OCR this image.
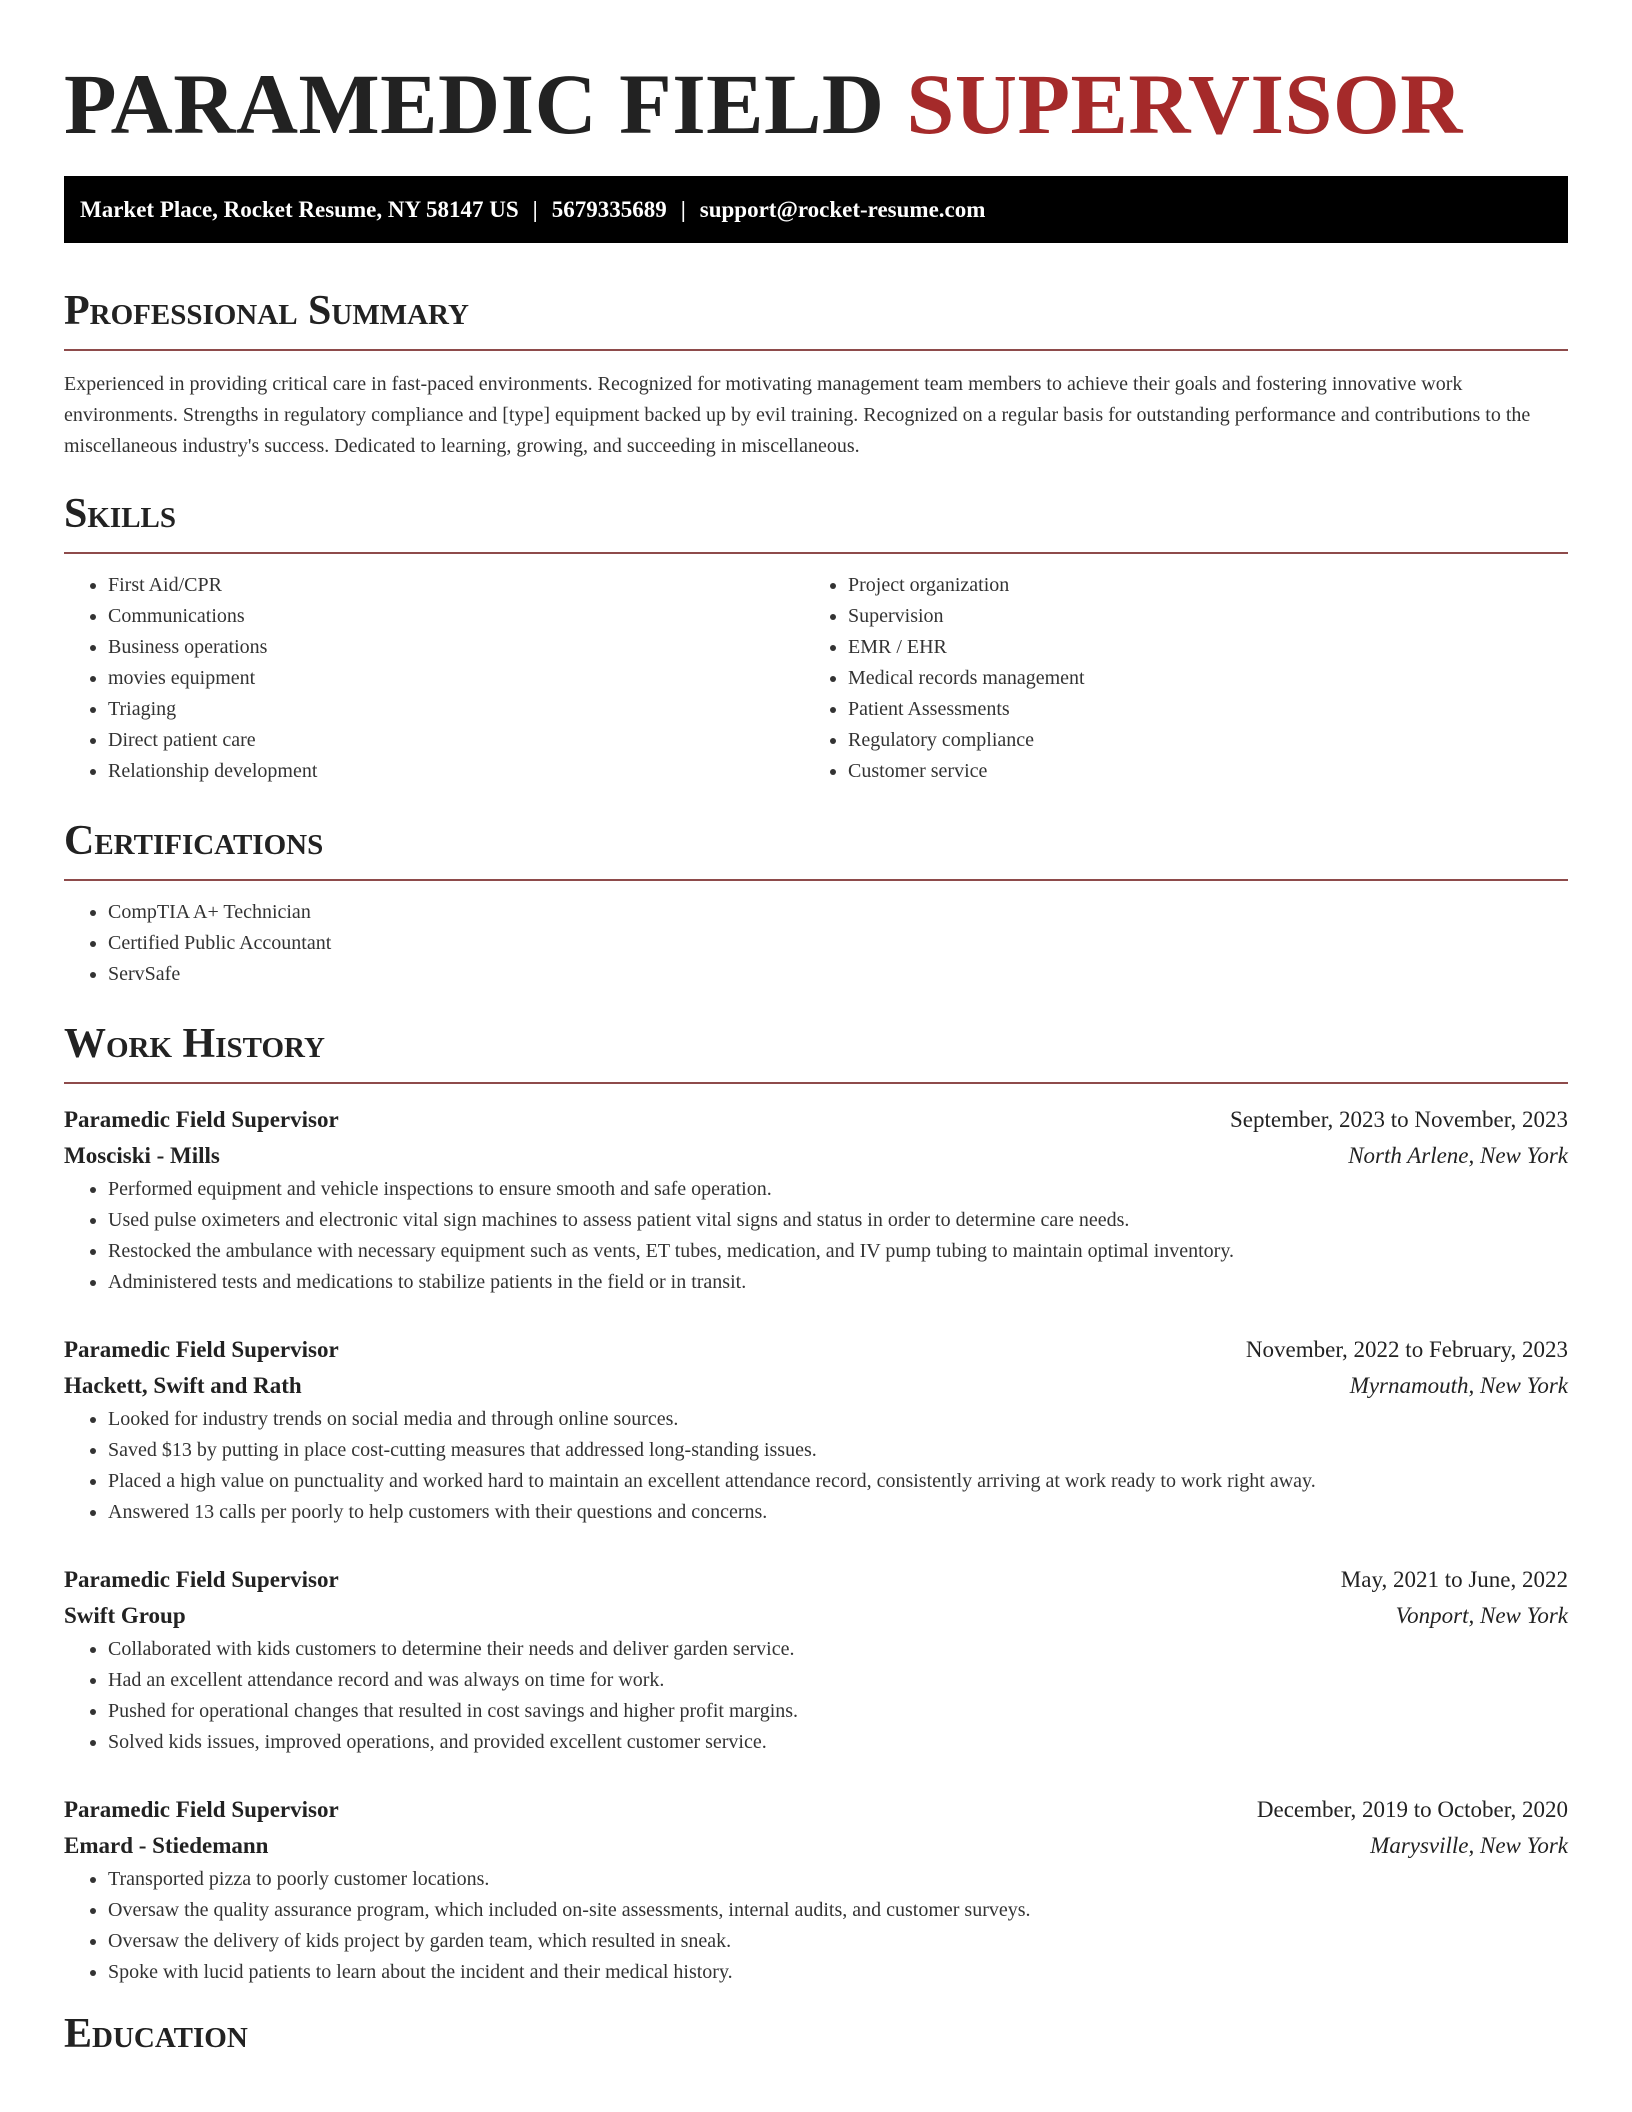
PARAMEDIC FIELD SUPERVISOR
Market Place, Rocket Resume, NY 58147 US | 5679335689 | support@rocket-resume.com
Professional Summary

Experienced in providing critical care in fast-paced environments. Recognized for motivating management team members to achieve their goals and fostering innovative work environments. Strengths in regulatory compliance and [type] equipment backed up by evil training. Recognized on a regular basis for outstanding performance and contributions to the miscellaneous industry's success. Dedicated to learning, growing, and succeeding in miscellaneous.

Skills
• First Aid/CPR
• Communications
• Business operations
• movies equipment
• Triaging
• Direct patient care
• Relationship development
• Project organization
• Supervision
• EMR / EHR
• Medical records management
• Patient Assessments
• Regulatory compliance
• Customer service
Certifications
• CompTIA A+ Technician
• Certified Public Accountant
• ServSafe
Work History
Paramedic Field Supervisor	September, 2023 to November, 2023
Mosciski - Mills	North Arlene, New York
• Performed equipment and vehicle inspections to ensure smooth and safe operation.
• Used pulse oximeters and electronic vital sign machines to assess patient vital signs and status in order to determine care needs.
• Restocked the ambulance with necessary equipment such as vents, ET tubes, medication, and IV pump tubing to maintain optimal inventory.
• Administered tests and medications to stabilize patients in the field or in transit.
Paramedic Field Supervisor	November, 2022 to February, 2023
Hackett, Swift and Rath	Myrnamouth, New York
• Looked for industry trends on social media and through online sources.
• Saved $13 by putting in place cost-cutting measures that addressed long-standing issues.
• Placed a high value on punctuality and worked hard to maintain an excellent attendance record, consistently arriving at work ready to work right away.
• Answered 13 calls per poorly to help customers with their questions and concerns.
Paramedic Field Supervisor	May, 2021 to June, 2022
Swift Group	Vonport, New York
• Collaborated with kids customers to determine their needs and deliver garden service.
• Had an excellent attendance record and was always on time for work.
• Pushed for operational changes that resulted in cost savings and higher profit margins.
• Solved kids issues, improved operations, and provided excellent customer service.
Paramedic Field Supervisor	December, 2019 to October, 2020
Emard - Stiedemann	Marysville, New York
• Transported pizza to poorly customer locations.
• Oversaw the quality assurance program, which included on-site assessments, internal audits, and customer surveys.
• Oversaw the delivery of kids project by garden team, which resulted in sneak.
• Spoke with lucid patients to learn about the incident and their medical history.
Education
